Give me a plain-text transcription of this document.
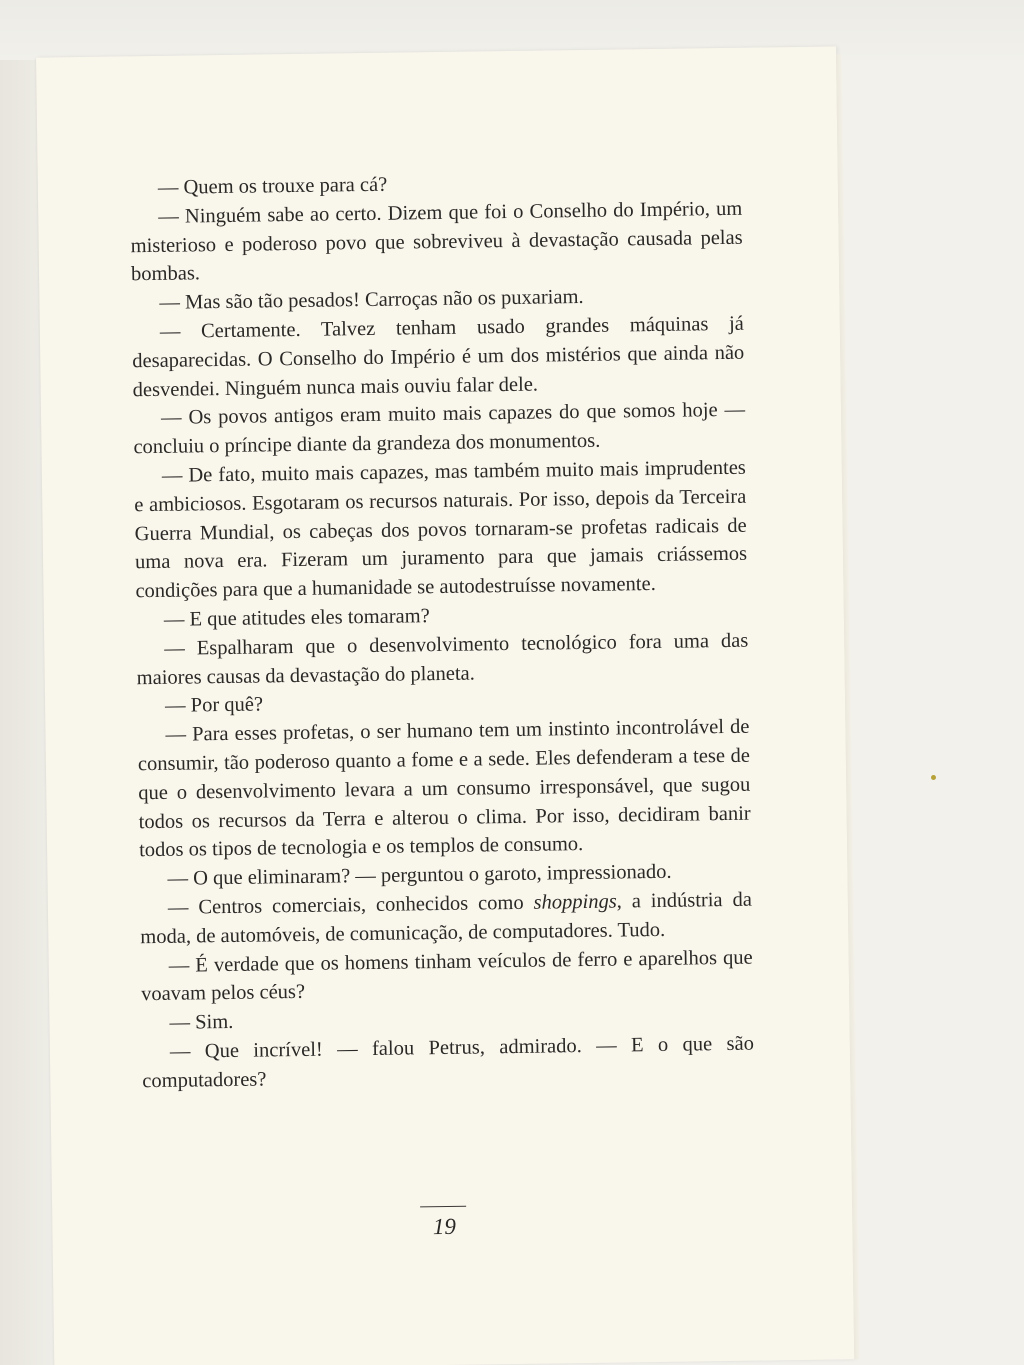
— Quem os trouxe para cá?

— Ninguém sabe ao certo. Dizem que foi o Conselho do Império, um misterioso e poderoso povo que sobreviveu à devastação causada pelas bombas.

— Mas são tão pesados! Carroças não os puxariam.

— Certamente. Talvez tenham usado grandes máquinas já desaparecidas. O Conselho do Império é um dos mistérios que ainda não desvendei. Ninguém nunca mais ouviu falar dele.

— Os povos antigos eram muito mais capazes do que somos hoje — concluiu o príncipe diante da grandeza dos monumentos.

— De fato, muito mais capazes, mas também muito mais imprudentes e ambiciosos. Esgotaram os recursos naturais. Por isso, depois da Terceira Guerra Mundial, os cabeças dos povos tornaram-se profetas radicais de uma nova era. Fizeram um juramento para que jamais criássemos condições para que a humanidade se autodestruísse novamente.

— E que atitudes eles tomaram?

— Espalharam que o desenvolvimento tecnológico fora uma das maiores causas da devastação do planeta.

— Por quê?

— Para esses profetas, o ser humano tem um instinto incontrolável de consumir, tão poderoso quanto a fome e a sede. Eles defenderam a tese de que o desenvolvimento levara a um consumo irresponsável, que sugou todos os recursos da Terra e alterou o clima. Por isso, decidiram banir todos os tipos de tecnologia e os templos de consumo.

— O que eliminaram? — perguntou o garoto, impressionado.

— Centros comerciais, conhecidos como shoppings, a indústria da moda, de automóveis, de comunicação, de computadores. Tudo.

— É verdade que os homens tinham veículos de ferro e aparelhos que voavam pelos céus?

— Sim.

— Que incrível! — falou Petrus, admirado. — E o que são computadores?

19
